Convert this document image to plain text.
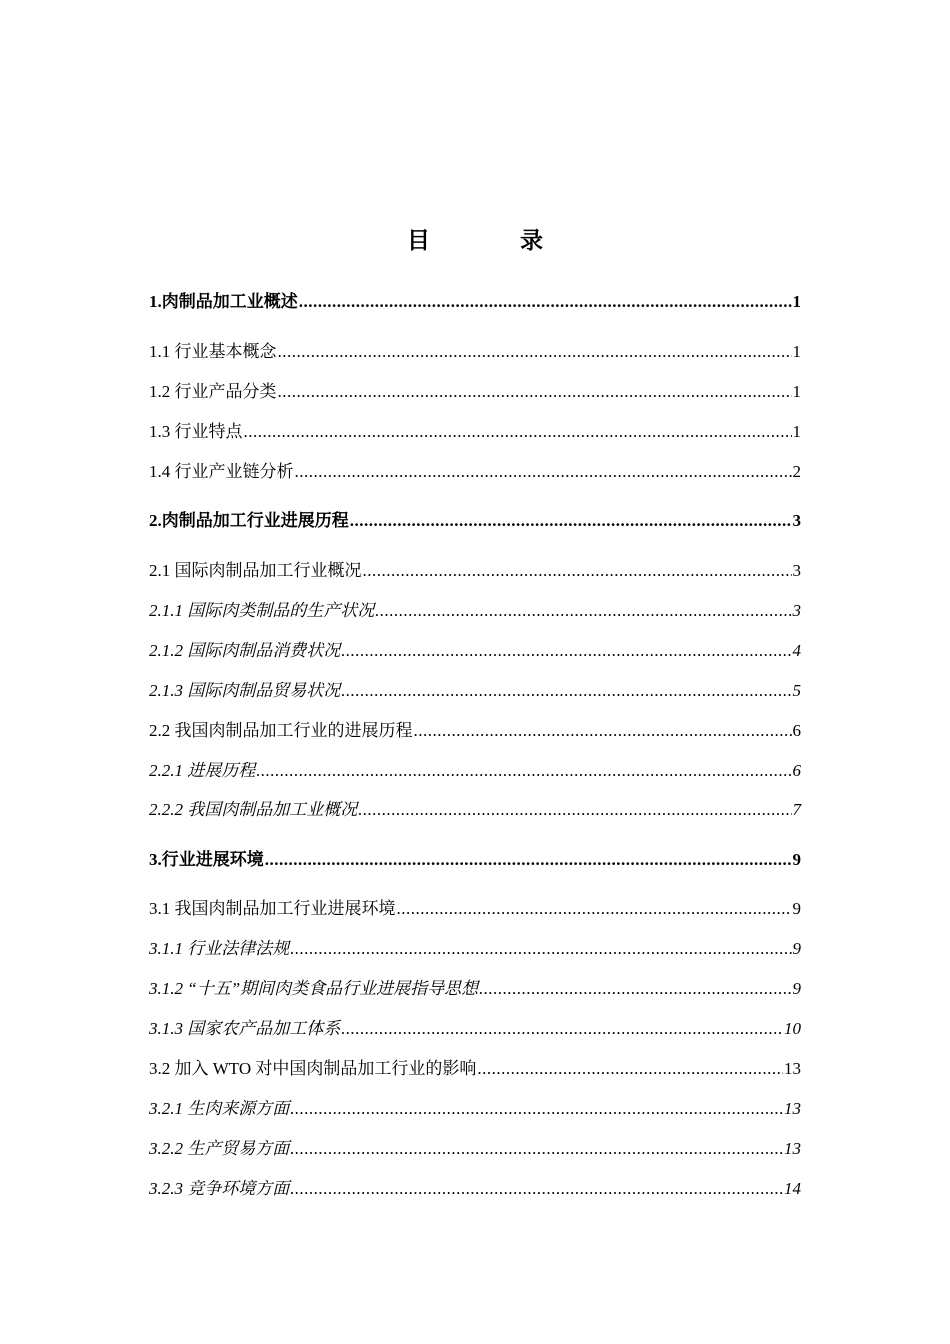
目	录
1.肉制品加工业概述 .....	1
1.1 行业基本概念 .....	1
1.2 行业产品分类 .....	1
1.3 行业特点 .....	1
1.4 行业产业链分析 .....	2
2.肉制品加工行业进展历程 .....	3
2.1 国际肉制品加工行业概况 .....	3
2.1.1 国际肉类制品的生产状况 .....	3
2.1.2 国际肉制品消费状况 .....	4
2.1.3 国际肉制品贸易状况 .....	5
2.2 我国肉制品加工行业的进展历程 .....	6
2.2.1 进展历程 .....	6
2.2.2 我国肉制品加工业概况 .....	7
3.行业进展环境 .....	9
3.1 我国肉制品加工行业进展环境 .....	9
3.1.1 行业法律法规 .....	9
3.1.2 “十五”期间肉类食品行业进展指导思想 .....	9
3.1.3 国家农产品加工体系 .....	10
3.2 加入 WTO 对中国肉制品加工行业的影响 .....	13
3.2.1 生肉来源方面 .....	13
3.2.2 生产贸易方面 .....	13
3.2.3 竞争环境方面 .....	14
